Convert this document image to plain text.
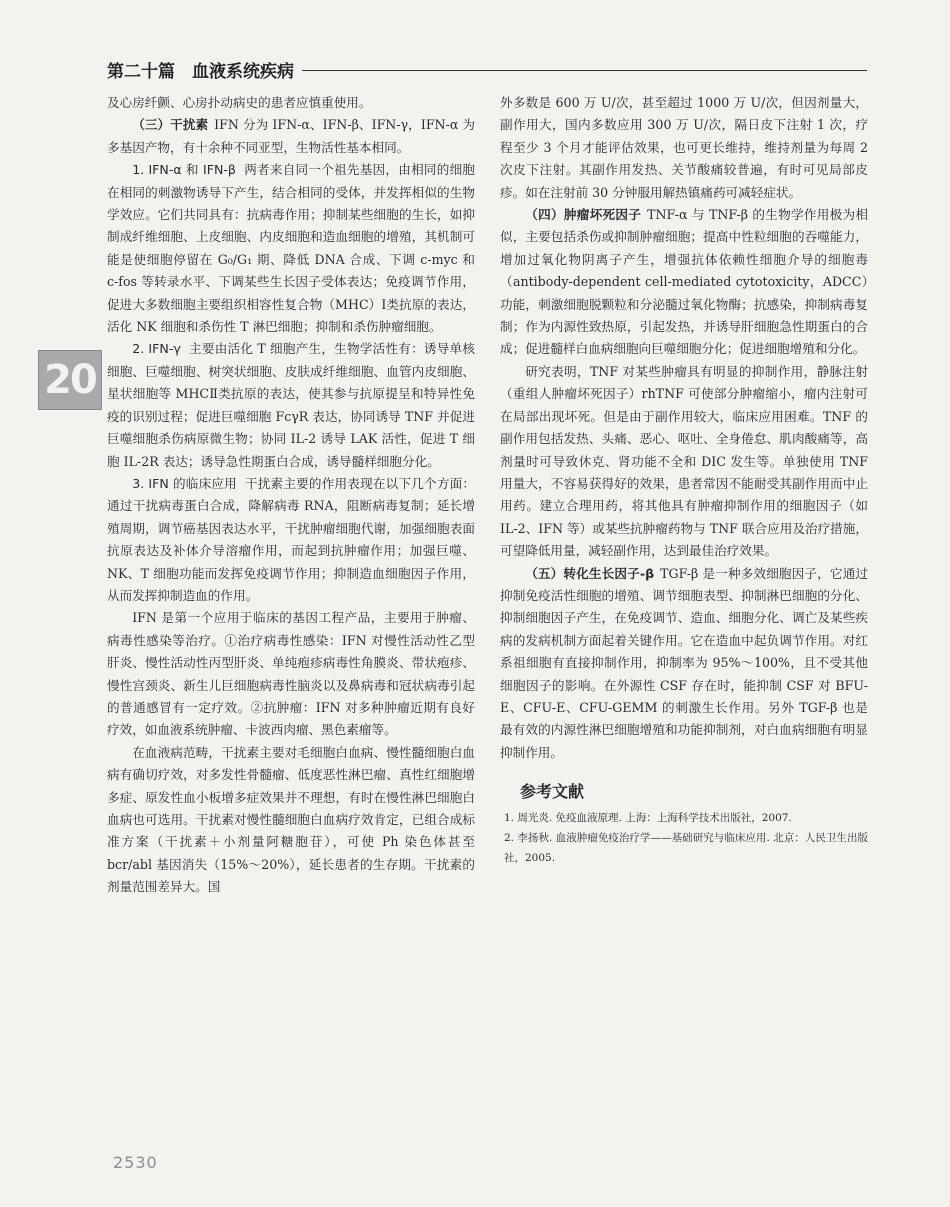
第二十篇　血液系统疾病
20

及心房纤颤、心房扑动病史的患者应慎重使用。

（三）干扰素 IFN 分为 IFN-α、IFN-β、IFN-γ，IFN-α 为多基因产物，有十余种不同亚型，生物活性基本相同。

1. IFN-α 和 IFN-β 两者来自同一个祖先基因，由相同的细胞在相同的刺激物诱导下产生，结合相同的受体，并发挥相似的生物学效应。它们共同具有：抗病毒作用；抑制某些细胞的生长，如抑制成纤维细胞、上皮细胞、内皮细胞和造血细胞的增殖，其机制可能是使细胞停留在 G₀/G₁ 期、降低 DNA 合成、下调 c-myc 和 c-fos 等转录水平、下调某些生长因子受体表达；免疫调节作用，促进大多数细胞主要组织相容性复合物（MHC）Ⅰ类抗原的表达，活化 NK 细胞和杀伤性 T 淋巴细胞；抑制和杀伤肿瘤细胞。

2. IFN-γ 主要由活化 T 细胞产生，生物学活性有：诱导单核细胞、巨噬细胞、树突状细胞、皮肤成纤维细胞、血管内皮细胞、星状细胞等 MHCⅡ类抗原的表达，使其参与抗原提呈和特异性免疫的识别过程；促进巨噬细胞 FcγR 表达，协同诱导 TNF 并促进巨噬细胞杀伤病原微生物；协同 IL-2 诱导 LAK 活性，促进 T 细胞 IL-2R 表达；诱导急性期蛋白合成，诱导髓样细胞分化。

3. IFN 的临床应用 干扰素主要的作用表现在以下几个方面：通过干扰病毒蛋白合成，降解病毒 RNA，阻断病毒复制；延长增殖周期，调节癌基因表达水平，干扰肿瘤细胞代谢，加强细胞表面抗原表达及补体介导溶瘤作用，而起到抗肿瘤作用；加强巨噬、NK、T 细胞功能而发挥免疫调节作用；抑制造血细胞因子作用，从而发挥抑制造血的作用。

IFN 是第一个应用于临床的基因工程产品，主要用于肿瘤、病毒性感染等治疗。①治疗病毒性感染：IFN 对慢性活动性乙型肝炎、慢性活动性丙型肝炎、单纯疱疹病毒性角膜炎、带状疱疹、慢性宫颈炎、新生儿巨细胞病毒性脑炎以及鼻病毒和冠状病毒引起的普通感冒有一定疗效。②抗肿瘤：IFN 对多种肿瘤近期有良好疗效，如血液系统肿瘤、卡波西肉瘤、黑色素瘤等。

在血液病范畴，干扰素主要对毛细胞白血病、慢性髓细胞白血病有确切疗效，对多发性骨髓瘤、低度恶性淋巴瘤、真性红细胞增多症、原发性血小板增多症效果并不理想，有时在慢性淋巴细胞白血病也可选用。干扰素对慢性髓细胞白血病疗效肯定，已组合成标准方案（干扰素＋小剂量阿糖胞苷），可使 Ph 染色体甚至 bcr/abl 基因消失（15%～20%），延长患者的生存期。干扰素的剂量范围差异大。国

外多数是 600 万 U/次，甚至超过 1000 万 U/次，但因剂量大，副作用大，国内多数应用 300 万 U/次，隔日皮下注射 1 次，疗程至少 3 个月才能评估效果，也可更长维持，维持剂量为每周 2 次皮下注射。其副作用发热、关节酸痛较普遍，有时可见局部皮疹。如在注射前 30 分钟服用解热镇痛药可减轻症状。

（四）肿瘤坏死因子 TNF-α 与 TNF-β 的生物学作用极为相似，主要包括杀伤或抑制肿瘤细胞；提高中性粒细胞的吞噬能力，增加过氧化物阴离子产生，增强抗体依赖性细胞介导的细胞毒（antibody-dependent cell-mediated cytotoxicity，ADCC）功能，刺激细胞脱颗粒和分泌髓过氧化物酶；抗感染，抑制病毒复制；作为内源性致热原，引起发热，并诱导肝细胞急性期蛋白的合成；促进髓样白血病细胞向巨噬细胞分化；促进细胞增殖和分化。

研究表明，TNF 对某些肿瘤具有明显的抑制作用，静脉注射（重组人肿瘤坏死因子）rhTNF 可使部分肿瘤缩小，瘤内注射可在局部出现坏死。但是由于副作用较大，临床应用困难。TNF 的副作用包括发热、头痛、恶心、呕吐、全身倦怠、肌肉酸痛等，高剂量时可导致休克、肾功能不全和 DIC 发生等。单独使用 TNF 用量大，不容易获得好的效果，患者常因不能耐受其副作用而中止用药。建立合理用药，将其他具有肿瘤抑制作用的细胞因子（如 IL-2、IFN 等）或某些抗肿瘤药物与 TNF 联合应用及治疗措施，可望降低用量，减轻副作用，达到最佳治疗效果。

（五）转化生长因子-β TGF-β 是一种多效细胞因子，它通过抑制免疫活性细胞的增殖、调节细胞表型、抑制淋巴细胞的分化、抑制细胞因子产生，在免疫调节、造血、细胞分化、调亡及某些疾病的发病机制方面起着关键作用。它在造血中起负调节作用。对红系祖细胞有直接抑制作用，抑制率为 95%～100%，且不受其他细胞因子的影响。在外源性 CSF 存在时，能抑制 CSF 对 BFU-E、CFU-E、CFU-GEMM 的刺激生长作用。另外 TGF-β 也是最有效的内源性淋巴细胞增殖和功能抑制剂，对白血病细胞有明显抑制作用。

参考文献

1. 周光炎. 免疫血液原理. 上海：上海科学技术出版社，2007.

2. 李扬秋. 血液肿瘤免疫治疗学——基础研究与临床应用. 北京：人民卫生出版社，2005.

2530
